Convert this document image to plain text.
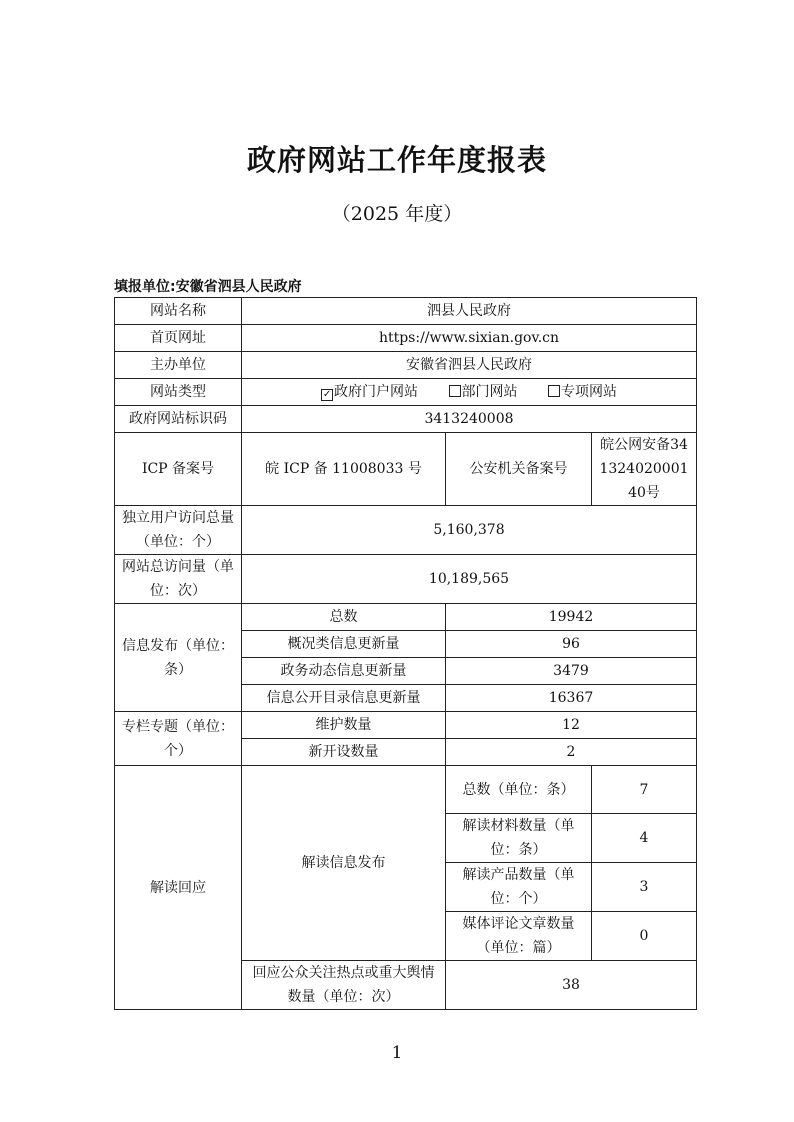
政府网站工作年度报表
（2025 年度）
填报单位:安徽省泗县人民政府
网站名称	泗县人民政府		
首页网址	https://www.sixian.gov.cn		
主办单位	安徽省泗县人民政府		
网站类型	✓ 政府门户网站 部门网站 专项网站		
政府网站标识码	3413240008		
ICP 备案号	皖 ICP 备 11008033 号	公安机关备案号	皖公网安备34132402000140号
独立用户访问总量（单位：个）	5,160,378		
网站总访问量（单位：次）	10,189,565		
信息发布（单位：条）	总数	19942	
	概况类信息更新量	96	
	政务动态信息更新量	3479	
	信息公开目录信息更新量	16367	
专栏专题（单位：个）	维护数量	12	
	新开设数量	2	
解读回应	解读信息发布	总数（单位：条）	7
		解读材料数量（单位：条）	4
		解读产品数量（单位：个）	3
		媒体评论文章数量（单位：篇）	0
	回应公众关注热点或重大舆情数量（单位：次）	38	
1
